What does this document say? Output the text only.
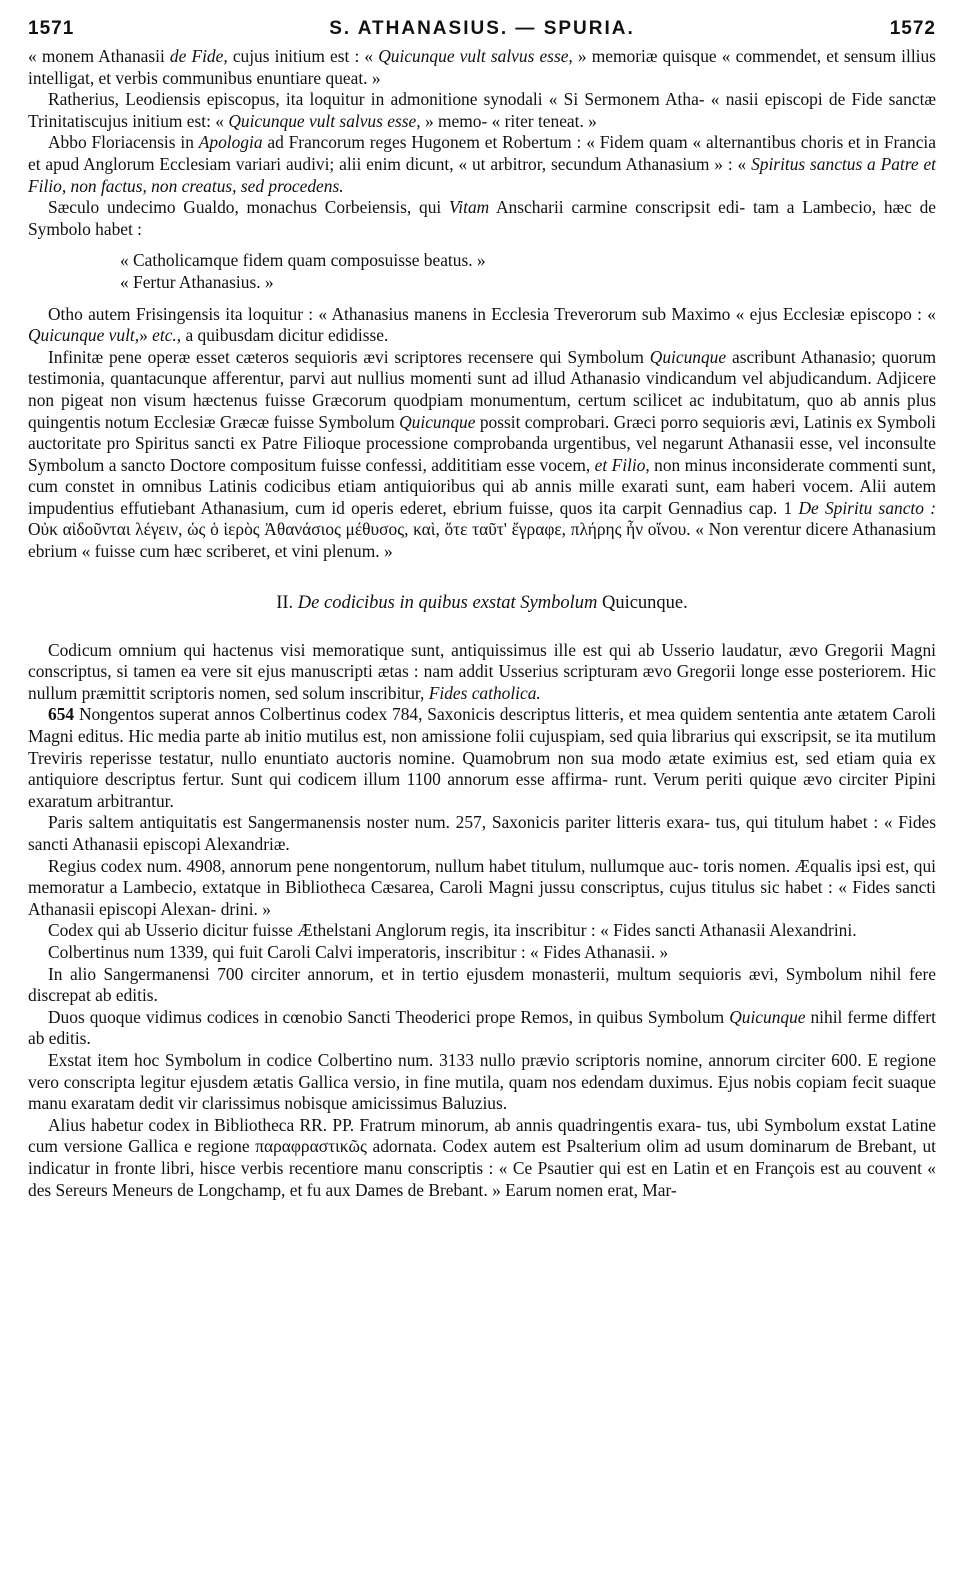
1571	S. ATHANASIUS. — SPURIA.	1572

« monem Athanasii de Fide, cujus initium est : « Quicunque vult salvus esse, » memoriæ quisque « commendet, et sensum illius intelligat, et verbis communibus enuntiare queat. »

Ratherius, Leodiensis episcopus, ita loquitur in admonitione synodali « Si Sermonem Atha- « nasii episcopi de Fide sanctæ Trinitatiscujus initium est: « Quicunque vult salvus esse, » memo- « riter teneat. »

Abbo Floriacensis in Apologia ad Francorum reges Hugonem et Robertum : « Fidem quam « alternantibus choris et in Francia et apud Anglorum Ecclesiam variari audivi; alii enim dicunt, « ut arbitror, secundum Athanasium » : « Spiritus sanctus a Patre et Filio, non factus, non creatus, sed procedens.

Sæculo undecimo Gualdo, monachus Corbeiensis, qui Vitam Anscharii carmine conscripsit edi- tam a Lambecio, hæc de Symbolo habet :

« Catholicamque fidem quam composuisse beatus. »
« Fertur Athanasius. »

Otho autem Frisingensis ita loquitur : « Athanasius manens in Ecclesia Treverorum sub Maximo « ejus Ecclesiæ episcopo : « Quicunque vult,» etc., a quibusdam dicitur edidisse.

Infinitæ pene operæ esset cæteros sequioris ævi scriptores recensere qui Symbolum Quicunque ascribunt Athanasio; quorum testimonia, quantacunque afferentur, parvi aut nullius momenti sunt ad illud Athanasio vindicandum vel abjudicandum. Adjicere non pigeat non visum hæctenus fuisse Græcorum quodpiam monumentum, certum scilicet ac indubitatum, quo ab annis plus quingentis notum Ecclesiæ Græcæ fuisse Symbolum Quicunque possit comprobari. Græci porro sequioris ævi, Latinis ex Symboli auctoritate pro Spiritus sancti ex Patre Filioque processione comprobanda urgentibus, vel negarunt Athanasii esse, vel inconsulte Symbolum a sancto Doctore compositum fuisse confessi, addititiam esse vocem, et Filio, non minus inconsiderate commenti sunt, cum constet in omnibus Latinis codicibus etiam antiquioribus qui ab annis mille exarati sunt, eam haberi vocem. Alii autem impudentius effutiebant Athanasium, cum id operis ederet, ebrium fuisse, quos ita carpit Gennadius cap. 1 De Spiritu sancto : Οὐκ αἰδοῦνται λέγειν, ὡς ὁ ἱερὸς Ἀθανάσιος μέθυσος, καὶ, ὅτε ταῦτ' ἔγραφε, πλήρης ἦν οἴνου. « Non verentur dicere Athanasium ebrium « fuisse cum hæc scriberet, et vini plenum. »

II. De codicibus in quibus exstat Symbolum Quicunque.

Codicum omnium qui hactenus visi memoratique sunt, antiquissimus ille est qui ab Usserio laudatur, ævo Gregorii Magni conscriptus, si tamen ea vere sit ejus manuscripti ætas : nam addit Usserius scripturam ævo Gregorii longe esse posteriorem. Hic nullum præmittit scriptoris nomen, sed solum inscribitur, Fides catholica.

654 Nongentos superat annos Colbertinus codex 784, Saxonicis descriptus litteris, et mea quidem sententia ante ætatem Caroli Magni editus. Hic media parte ab initio mutilus est, non amissione folii cujuspiam, sed quia librarius qui exscripsit, se ita mutilum Treviris reperisse testatur, nullo enuntiato auctoris nomine. Quamobrum non sua modo ætate eximius est, sed etiam quia ex antiquiore descriptus fertur. Sunt qui codicem illum 1100 annorum esse affirma- runt. Verum periti quique ævo circiter Pipini exaratum arbitrantur.

Paris saltem antiquitatis est Sangermanensis noster num. 257, Saxonicis pariter litteris exara- tus, qui titulum habet : « Fides sancti Athanasii episcopi Alexandriæ.

Regius codex num. 4908, annorum pene nongentorum, nullum habet titulum, nullumque auc- toris nomen. Æqualis ipsi est, qui memoratur a Lambecio, extatque in Bibliotheca Cæsarea, Caroli Magni jussu conscriptus, cujus titulus sic habet : « Fides sancti Athanasii episcopi Alexan- drini. »

Codex qui ab Usserio dicitur fuisse Æthelstani Anglorum regis, ita inscribitur : « Fides sancti Athanasii Alexandrini.

Colbertinus num 1339, qui fuit Caroli Calvi imperatoris, inscribitur : « Fides Athanasii. »

In alio Sangermanensi 700 circiter annorum, et in tertio ejusdem monasterii, multum sequioris ævi, Symbolum nihil fere discrepat ab editis.

Duos quoque vidimus codices in cœnobio Sancti Theoderici prope Remos, in quibus Symbolum Quicunque nihil ferme differt ab editis.

Exstat item hoc Symbolum in codice Colbertino num. 3133 nullo prævio scriptoris nomine, annorum circiter 600. E regione vero conscripta legitur ejusdem ætatis Gallica versio, in fine mutila, quam nos edendam duximus. Ejus nobis copiam fecit suaque manu exaratam dedit vir clarissimus nobisque amicissimus Baluzius.

Alius habetur codex in Bibliotheca RR. PP. Fratrum minorum, ab annis quadringentis exara- tus, ubi Symbolum exstat Latine cum versione Gallica e regione παραφραστικῶς adornata. Codex autem est Psalterium olim ad usum dominarum de Brebant, ut indicatur in fronte libri, hisce verbis recentiore manu conscriptis : « Ce Psautier qui est en Latin et en François est au couvent « des Sereurs Meneurs de Longchamp, et fu aux Dames de Brebant. » Earum nomen erat, Mar-
